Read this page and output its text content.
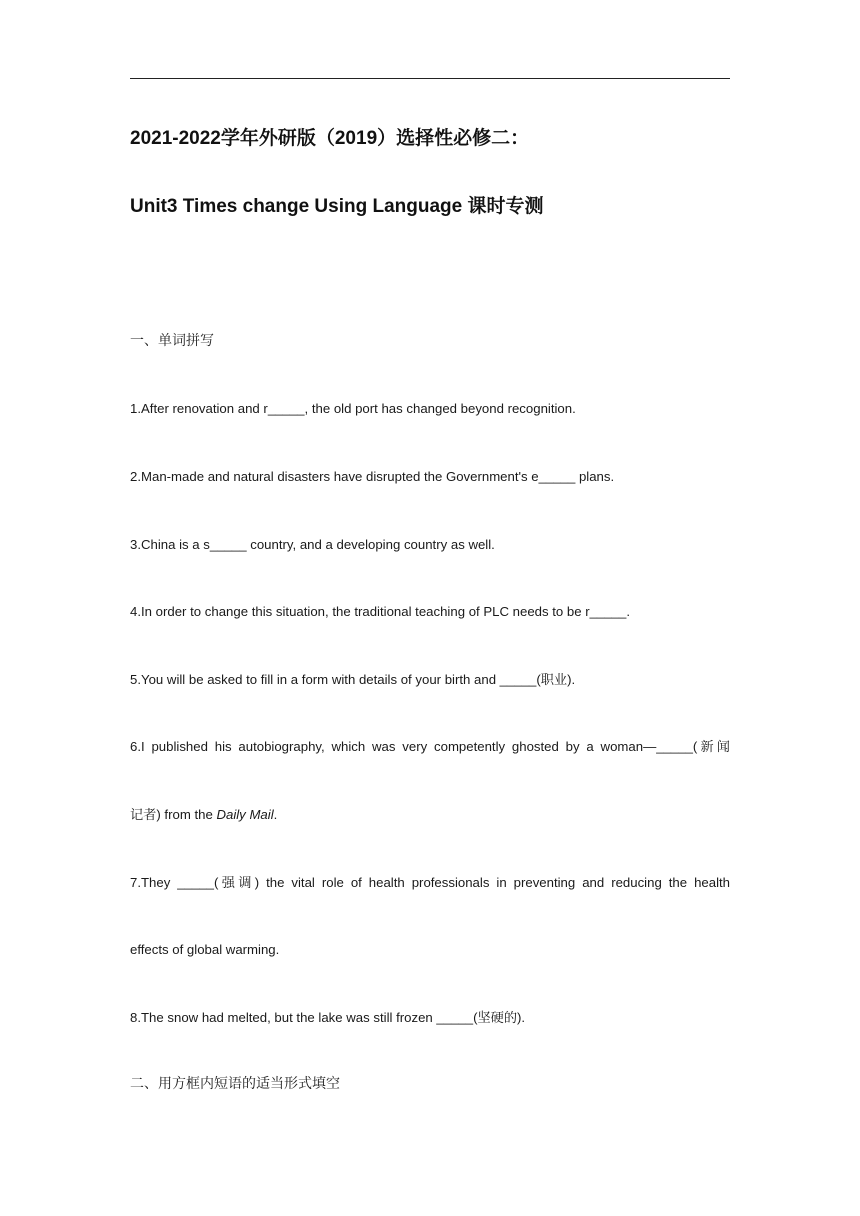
2021-2022学年外研版（2019）选择性必修二：
Unit3 Times change Using Language 课时专测
一、单词拼写
1.After renovation and r_____, the old port has changed beyond recognition.
2.Man-made and natural disasters have disrupted the Government's e_____ plans.
3.China is a s_____ country, and a developing country as well.
4.In order to change this situation, the traditional teaching of PLC needs to be r_____.
5.You will be asked to fill in a form with details of your birth and _____(职业).
6.I published his autobiography, which was very competently ghosted by a woman—_____(新闻
记者) from the Daily Mail.
7.They _____(强调) the vital role of health professionals in preventing and reducing the health
effects of global warming.
8.The snow had melted, but the lake was still frozen _____(坚硬的).
二、用方框内短语的适当形式填空
